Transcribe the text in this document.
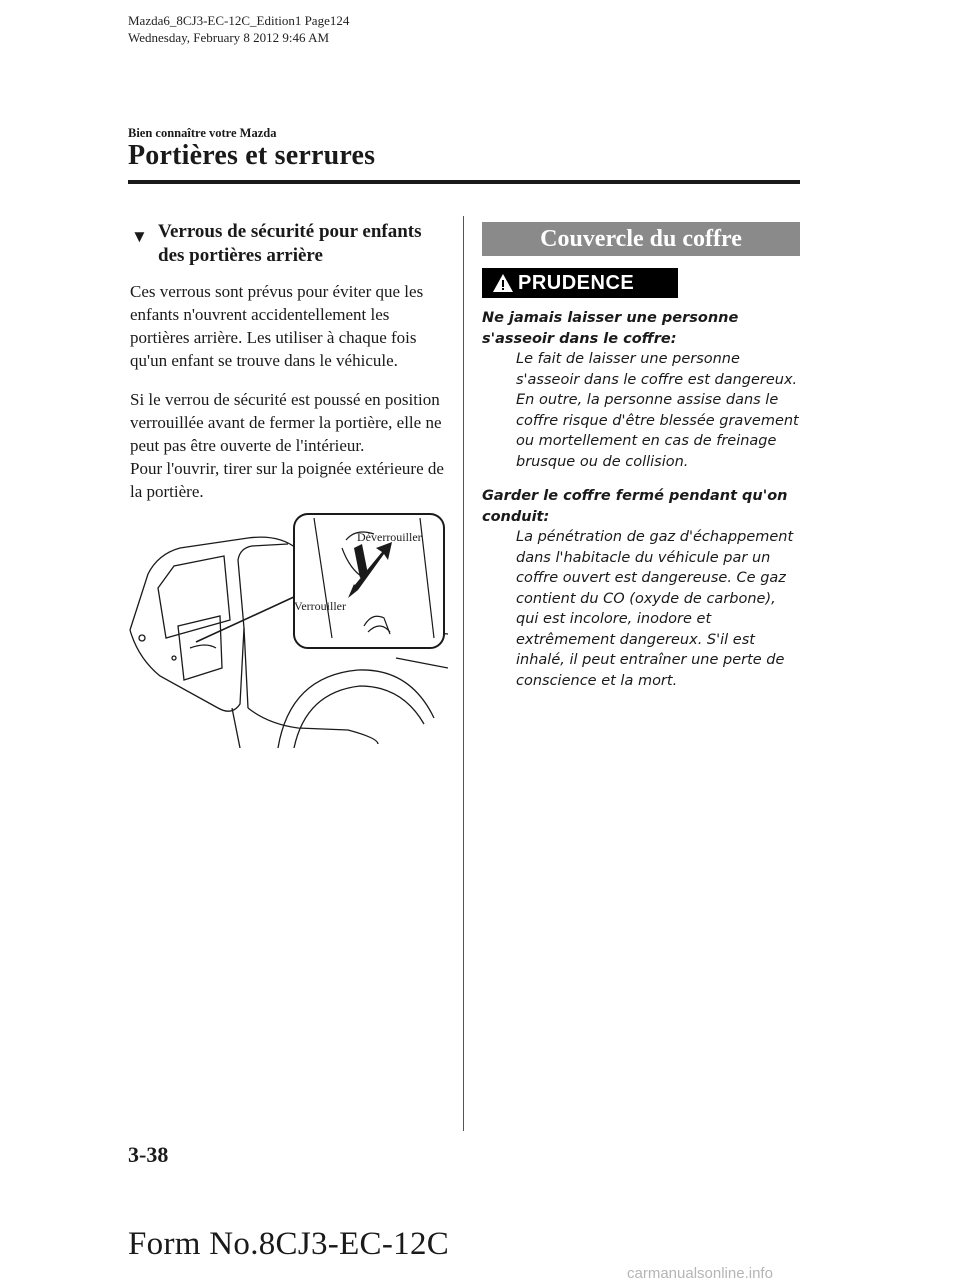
Mazda6_8CJ3-EC-12C_Edition1 Page124
Wednesday, February 8 2012 9:46 AM
Bien connaître votre Mazda
Portières et serrures
▼ Verrous de sécurité pour enfants
des portières arrière

Ces verrous sont prévus pour éviter que les enfants n'ouvrent accidentellement les portières arrière. Les utiliser à chaque fois qu'un enfant se trouve dans le véhicule.

Si le verrou de sécurité est poussé en position verrouillée avant de fermer la portière, elle ne peut pas être ouverte de l'intérieur.

Pour l'ouvrir, tirer sur la poignée extérieure de la portière.

Déverrouiller
Verrouiller
Couvercle du coffre
PRUDENCE

Ne jamais laisser une personne s'asseoir dans le coffre:

Le fait de laisser une personne s'asseoir dans le coffre est dangereux. En outre, la personne assise dans le coffre risque d'être blessée gravement ou mortellement en cas de freinage brusque ou de collision.

Garder le coffre fermé pendant qu'on conduit:

La pénétration de gaz d'échappement dans l'habitacle du véhicule par un coffre ouvert est dangereuse. Ce gaz contient du CO (oxyde de carbone), qui est incolore, inodore et extrêmement dangereux. S'il est inhalé, il peut entraîner une perte de conscience et la mort.

3-38
Form No.8CJ3-EC-12C
carmanualsonline.info
